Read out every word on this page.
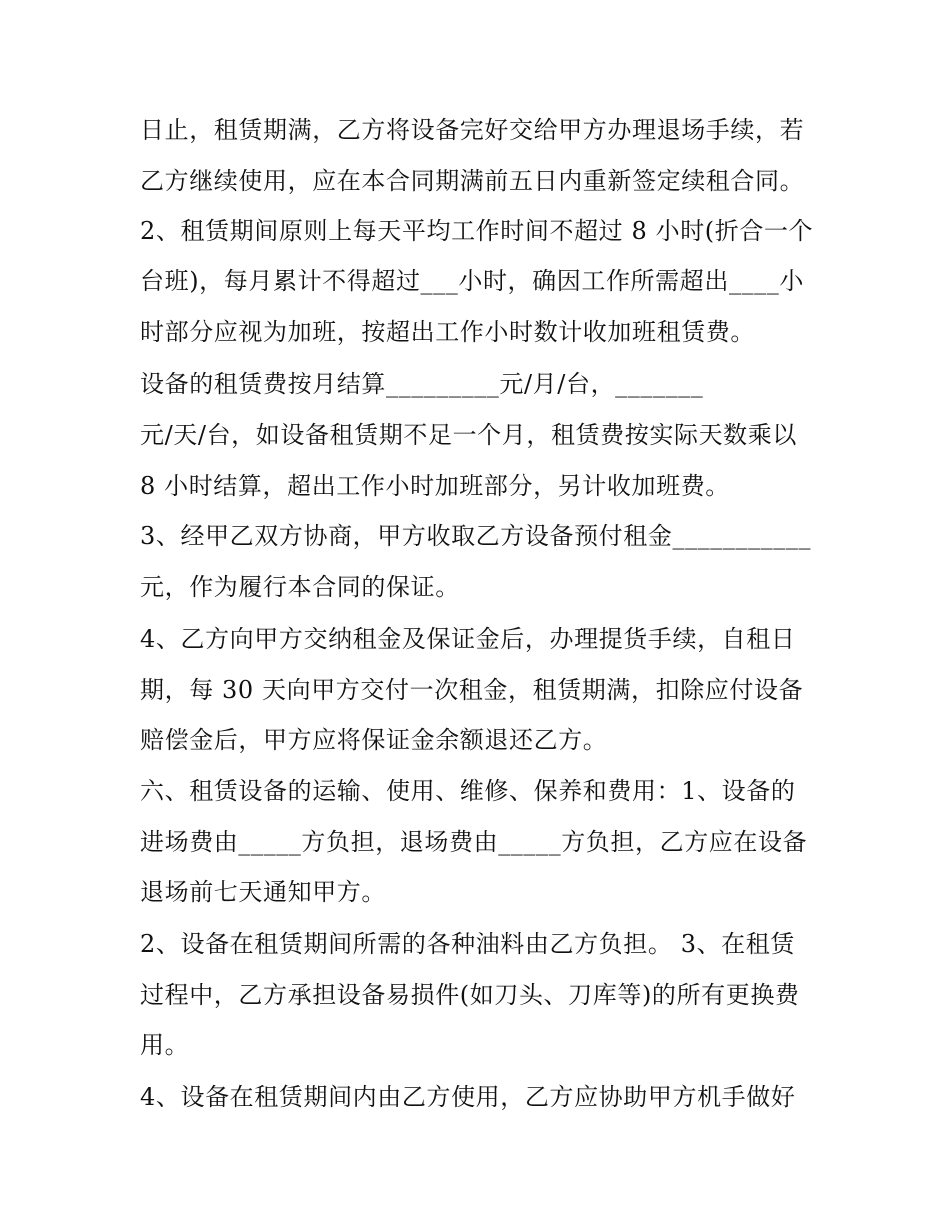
日止，租赁期满，乙方将设备完好交给甲方办理退场手续，若
乙方继续使用，应在本合同期满前五日内重新签定续租合同。
2、租赁期间原则上每天平均工作时间不超过 8 小时(折合一个
台班)，每月累计不得超过___小时，确因工作所需超出____小
时部分应视为加班，按超出工作小时数计收加班租赁费。
设备的租赁费按月结算_________元/月/台，_______
元/天/台，如设备租赁期不足一个月，租赁费按实际天数乘以
8 小时结算，超出工作小时加班部分，另计收加班费。
3、经甲乙双方协商，甲方收取乙方设备预付租金___________
元，作为履行本合同的保证。
4、乙方向甲方交纳租金及保证金后，办理提货手续，自租日
期，每 30 天向甲方交付一次租金，租赁期满，扣除应付设备
赔偿金后，甲方应将保证金余额退还乙方。
六、租赁设备的运输、使用、维修、保养和费用：1、设备的
进场费由_____方负担，退场费由_____方负担，乙方应在设备
退场前七天通知甲方。
2、设备在租赁期间所需的各种油料由乙方负担。 3、在租赁
过程中，乙方承担设备易损件(如刀头、刀库等)的所有更换费
用。
4、设备在租赁期间内由乙方使用，乙方应协助甲方机手做好
